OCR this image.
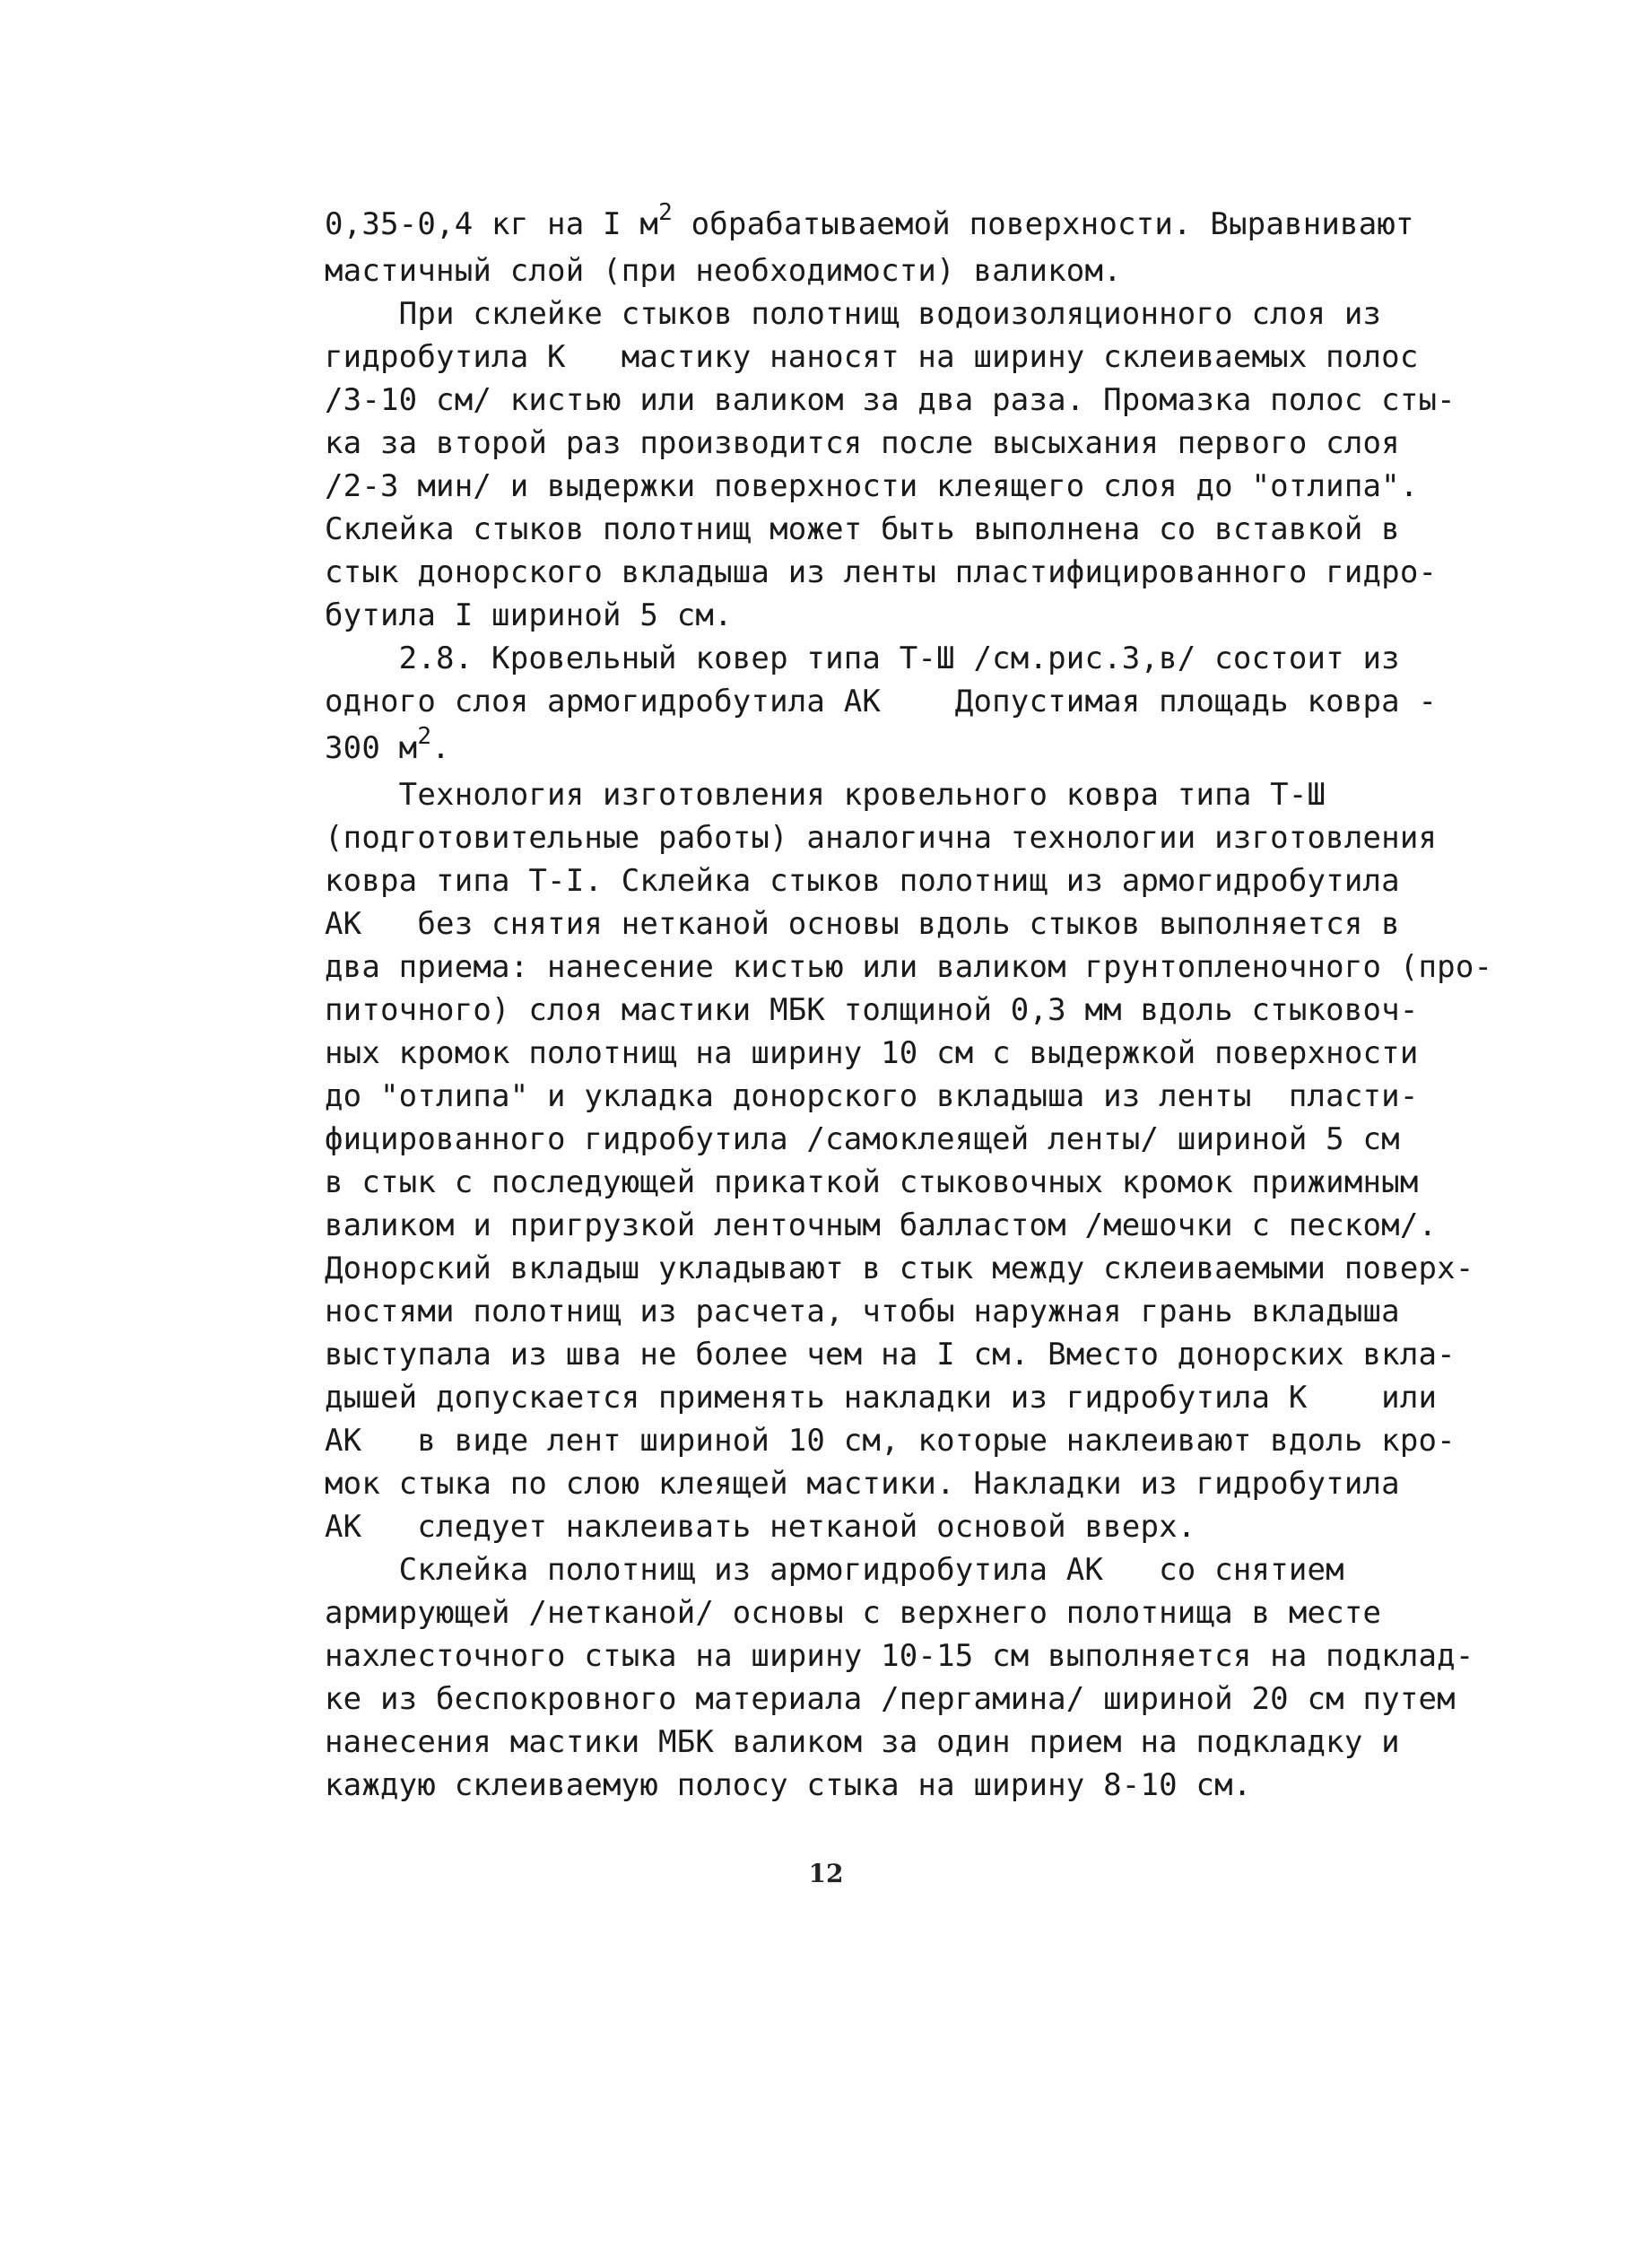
0,35-0,4 кг на I $м^2$ обрабатываемой поверхности. Выравнивают
мастичный слой (при необходимости) валиком.
При склейке стыков полотнищ водоизоляционного слоя из
гидробутила К   мастику наносят на ширину склеиваемых полос
/3-10 см/ кистью или валиком за два раза. Промазка полос сты-
ка за второй раз производится после высыхания первого слоя
/2-3 мин/ и выдержки поверхности клеящего слоя до "отлипа".
Склейка стыков полотнищ может быть выполнена со вставкой в
стык донорского вкладыша из ленты пластифицированного гидро-
бутила I шириной 5 см.
2.8. Кровельный ковер типа Т-Ш /см.рис.3,в/ состоит из
одного слоя армогидробутила АК    Допустимая площадь ковра -
300 $м^2$.
Технология изготовления кровельного ковра типа Т-Ш
(подготовительные работы) аналогична технологии изготовления
ковра типа Т-I. Склейка стыков полотнищ из армогидробутила
АК   без снятия нетканой основы вдоль стыков выполняется в
два приема: нанесение кистью или валиком грунтопленочного (про-
питочного) слоя мастики МБК толщиной 0,3 мм вдоль стыковоч-
ных кромок полотнищ на ширину 10 см с выдержкой поверхности
до "отлипа" и укладка донорского вкладыша из ленты  пласти-
фицированного гидробутила /самоклеящей ленты/ шириной 5 см
в стык с последующей прикаткой стыковочных кромок прижимным
валиком и пригрузкой ленточным балластом /мешочки с песком/.
Донорский вкладыш укладывают в стык между склеиваемыми поверх-
ностями полотнищ из расчета, чтобы наружная грань вкладыша
выступала из шва не более чем на I см. Вместо донорских вкла-
дышей допускается применять накладки из гидробутила К    или
АК   в виде лент шириной 10 см, которые наклеивают вдоль кро-
мок стыка по слою клеящей мастики. Накладки из гидробутила
АК   следует наклеивать нетканой основой вверх.
Склейка полотнищ из армогидробутила АК   со снятием
армирующей /нетканой/ основы с верхнего полотнища в месте
нахлесточного стыка на ширину 10-15 см выполняется на подклад-
ке из беспокровного материала /пергамина/ шириной 20 см путем
нанесения мастики МБК валиком за один прием на подкладку и
каждую склеиваемую полосу стыка на ширину 8-10 см.
12
